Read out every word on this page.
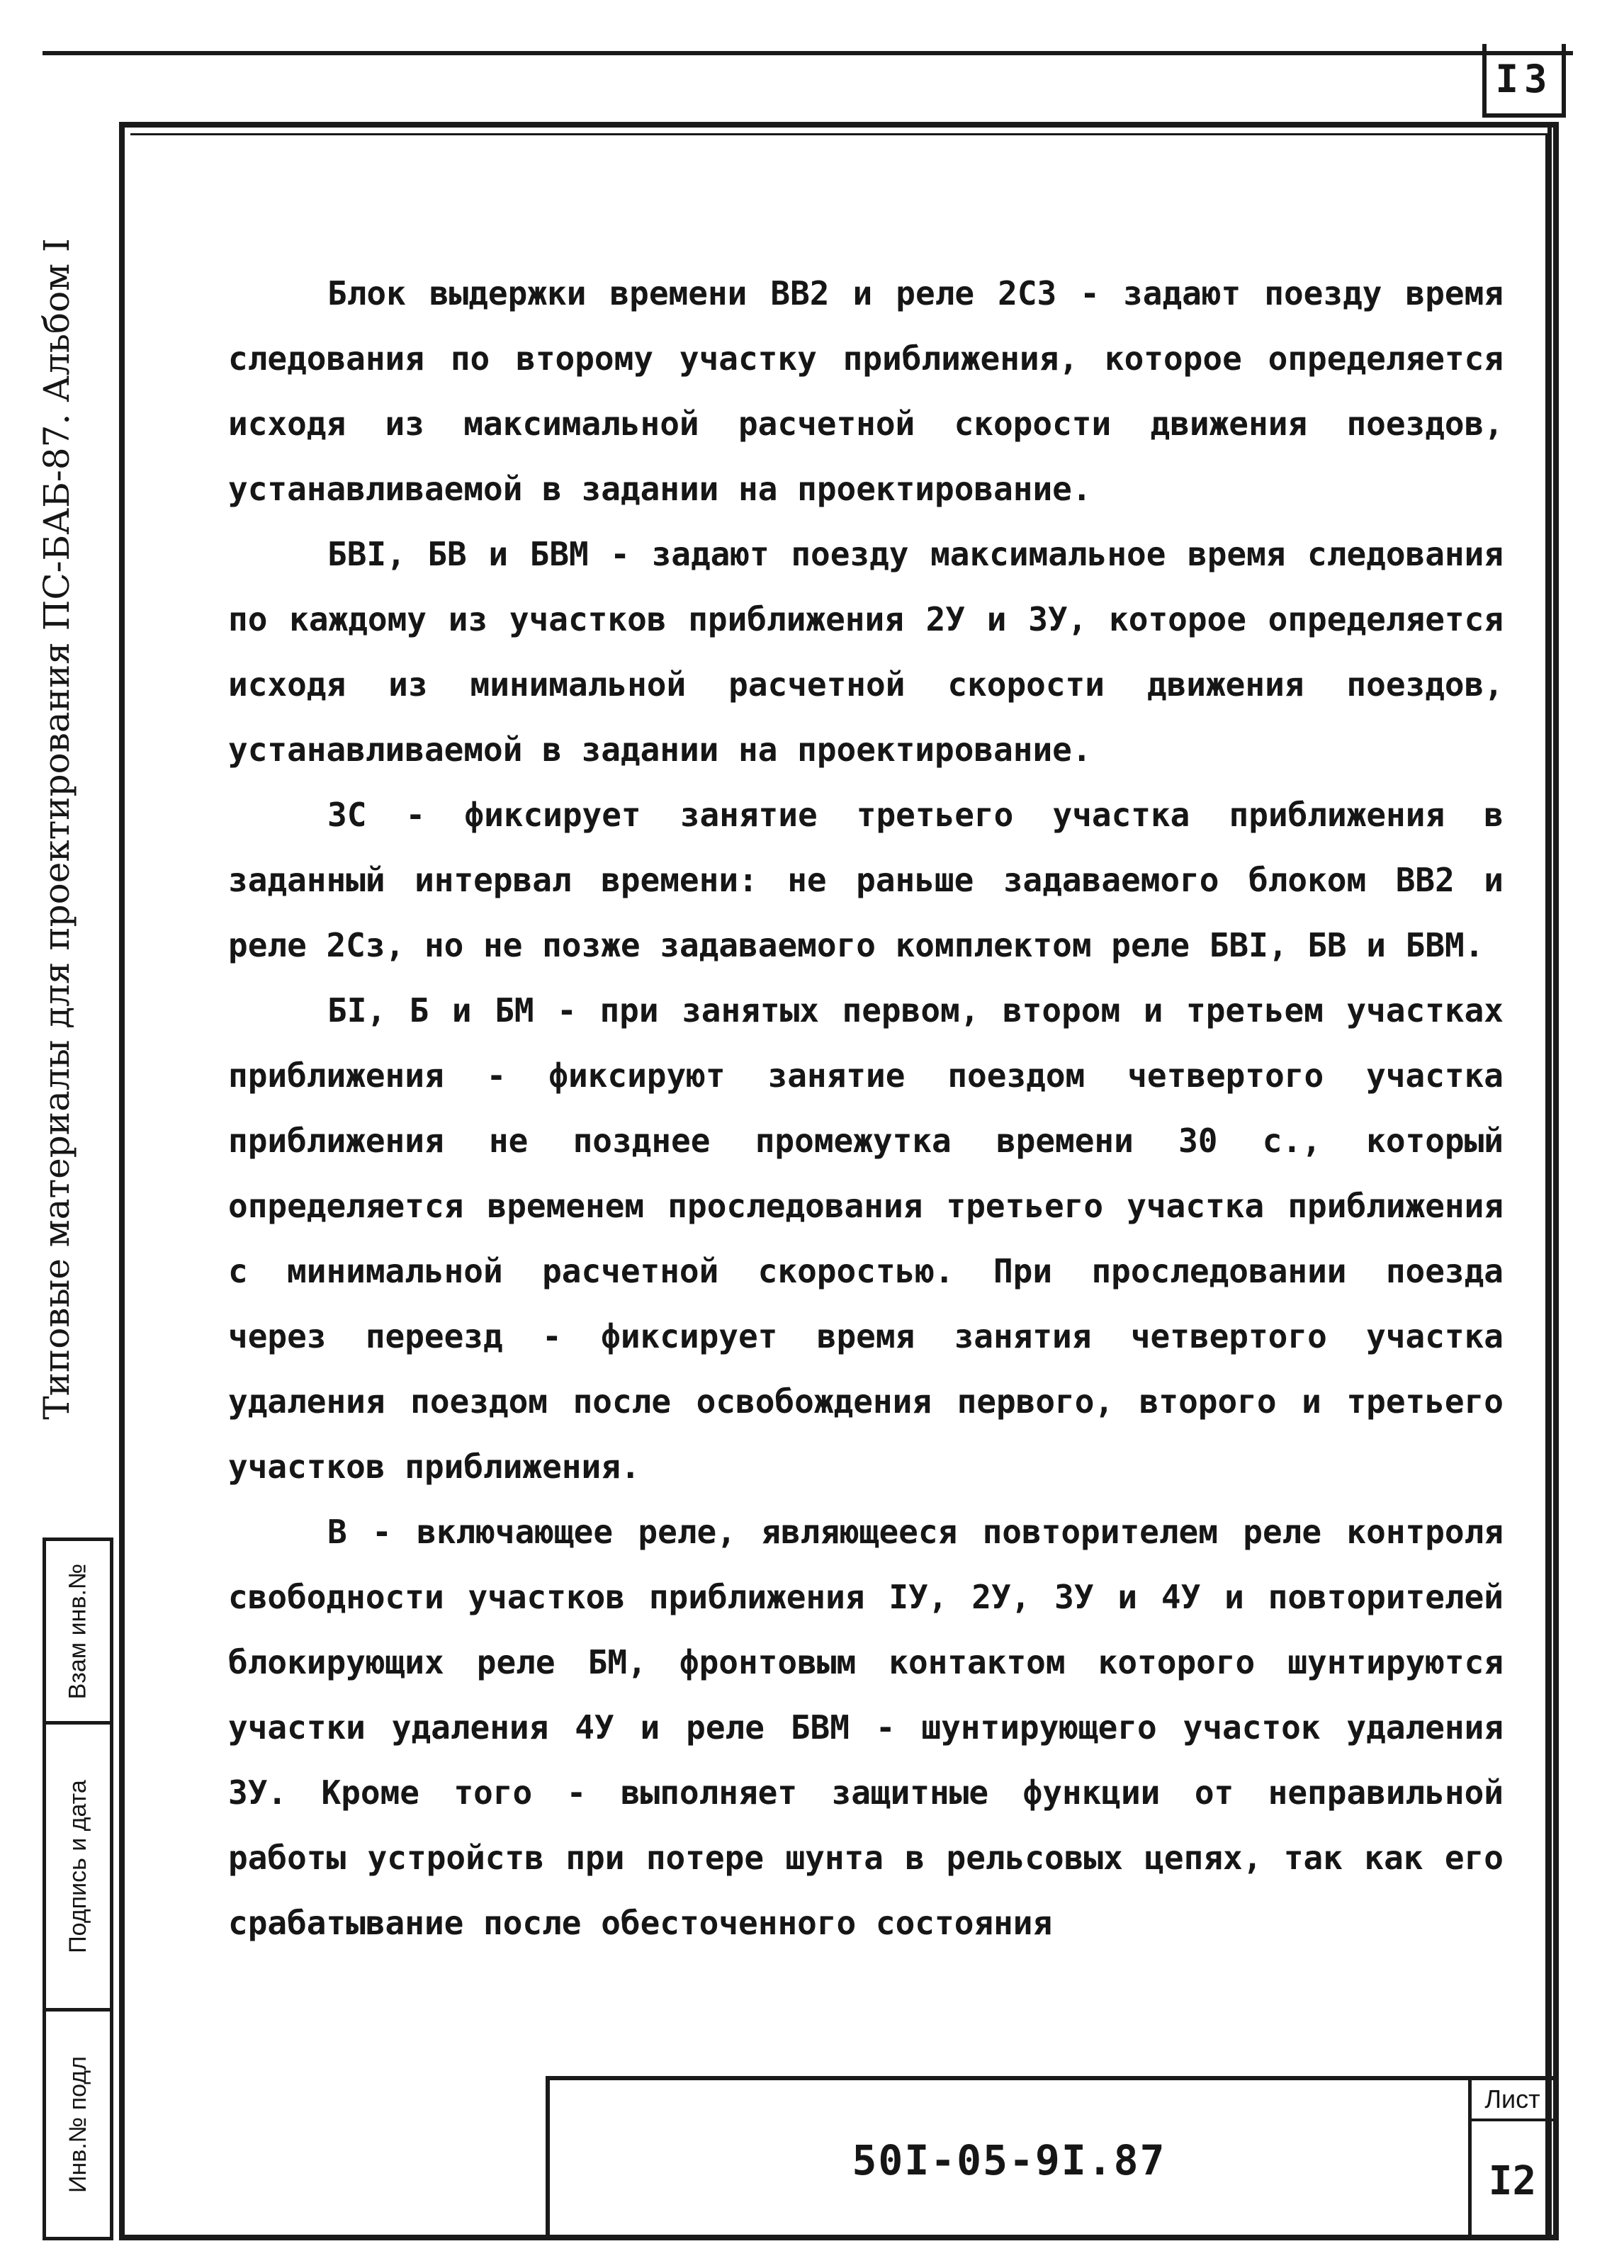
I3
Типовые материалы для проектирования ПС-БАБ-87. Альбом I
Взам инв.№
Подпись и дата
Инв.№ подл

Блок выдержки времени ВВ2 и реле 2СЗ - задают поезду время следования по второму участку приближения, которое определяется исходя из максимальной расчетной скорости движения поездов, устанавливаемой в задании на проектирование.

БВI, БВ и БВМ - задают поезду максимальное время следования по каждому из участков приближения 2У и ЗУ, которое определяется исходя из минимальной расчетной скорости движения поездов, устанавливаемой в задании на проектирование.

ЗС - фиксирует занятие третьего участка приближения в заданный интервал времени: не раньше задаваемого блоком ВВ2 и реле 2Сз, но не позже задаваемого комплектом реле БВI, БВ и БВМ.

БI, Б и БМ - при занятых первом, втором и третьем участках приближения - фиксируют занятие поездом четвертого участка приближения не позднее промежутка времени 30 с., который определяется временем проследования третьего участка приближения с минимальной расчетной скоростью. При проследовании поезда через переезд - фиксирует время занятия четвертого участка удаления поездом после освобождения первого, второго и третьего участков приближения.

В - включающее реле, являющееся повторителем реле контроля свободности участков приближения IУ, 2У, ЗУ и 4У и повторителей блокирующих реле БМ, фронтовым контактом которого шунтируются участки удаления 4У и реле БВМ - шунтирующего участок удаления ЗУ. Кроме того - выполняет защитные функции от неправильной работы устройств при потере шунта в рельсовых цепях, так как его срабатывание после обесточенного состояния

50I-05-9I.87
Лист
I2
